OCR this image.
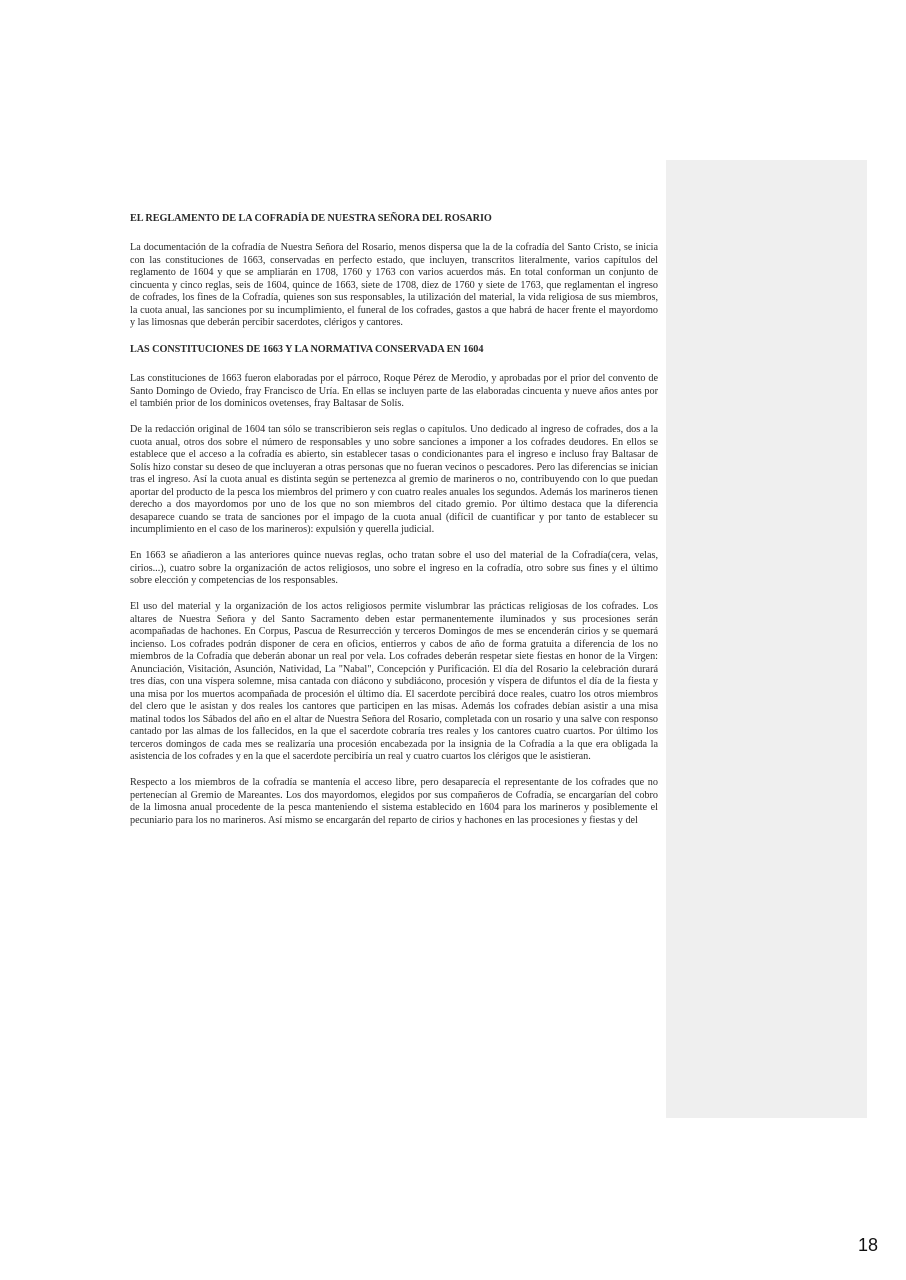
EL REGLAMENTO DE LA COFRADÍA DE NUESTRA SEÑORA DEL ROSARIO

La documentación de la cofradía de Nuestra Señora del Rosario, menos dispersa que la de la cofradía del Santo Cristo, se inicia con las constituciones de 1663, conservadas en perfecto estado, que incluyen, transcritos literalmente, varios capítulos del reglamento de 1604 y que se ampliarán en 1708, 1760 y 1763 con varios acuerdos más. En total conforman un conjunto de cincuenta y cinco reglas, seis de 1604, quince de 1663, siete de 1708, diez de 1760 y siete de 1763, que reglamentan el ingreso de cofrades, los fines de la Cofradía, quienes son sus responsables, la utilización del material, la vida religiosa de sus miembros, la cuota anual, las sanciones por su incumplimiento, el funeral de los cofrades, gastos a que habrá de hacer frente el mayordomo y las limosnas que deberán percibir sacerdotes, clérigos y cantores.

LAS CONSTITUCIONES DE 1663 Y LA NORMATIVA CONSERVADA EN 1604

Las constituciones de 1663 fueron elaboradas por el párroco, Roque Pérez de Merodio, y aprobadas por el prior del convento de Santo Domingo de Oviedo, fray Francisco de Uría. En ellas se incluyen parte de las elaboradas cincuenta y nueve años antes por el también prior de los dominicos ovetenses, fray Baltasar de Solís.

De la redacción original de 1604 tan sólo se transcribieron seis reglas o capítulos. Uno dedicado al ingreso de cofrades, dos a la cuota anual, otros dos sobre el número de responsables y uno sobre sanciones a imponer a los cofrades deudores. En ellos se establece que el acceso a la cofradía es abierto, sin establecer tasas o condicionantes para el ingreso e incluso fray Baltasar de Solís hizo constar su deseo de que incluyeran a otras personas que no fueran vecinos o pescadores. Pero las diferencias se inician tras el ingreso. Así la cuota anual es distinta según se pertenezca al gremio de marineros o no, contribuyendo con lo que puedan aportar del producto de la pesca los miembros del primero y con cuatro reales anuales los segundos. Además los marineros tienen derecho a dos mayordomos por uno de los que no son miembros del citado gremio. Por último destaca que la diferencia desaparece cuando se trata de sanciones por el impago de la cuota anual (difícil de cuantificar y por tanto de establecer su incumplimiento en el caso de los marineros): expulsión y querella judicial.

En 1663 se añadieron a las anteriores quince nuevas reglas, ocho tratan sobre el uso del material de la Cofradía(cera, velas, cirios...), cuatro sobre la organización de actos religiosos, uno sobre el ingreso en la cofradía, otro sobre sus fines y el último sobre elección y competencias de los responsables.

El uso del material y la organización de los actos religiosos permite vislumbrar las prácticas religiosas de los cofrades. Los altares de Nuestra Señora y del Santo Sacramento deben estar permanentemente iluminados y sus procesiones serán acompañadas de hachones. En Corpus, Pascua de Resurrección y terceros Domingos de mes se encenderán cirios y se quemará incienso. Los cofrades podrán disponer de cera en oficios, entierros y cabos de año de forma gratuita a diferencia de los no miembros de la Cofradía que deberán abonar un real por vela. Los cofrades deberán respetar siete fiestas en honor de la Virgen: Anunciación, Visitación, Asunción, Natividad, La "Nabal", Concepción y Purificación. El día del Rosario la celebración durará tres días, con una víspera solemne, misa cantada con diácono y subdiácono, procesión y víspera de difuntos el día de la fiesta y una misa por los muertos acompañada de procesión el último día. El sacerdote percibirá doce reales, cuatro los otros miembros del clero que le asistan y dos reales los cantores que participen en las misas. Además los cofrades debían asistir a una misa matinal todos los Sábados del año en el altar de Nuestra Señora del Rosario, completada con un rosario y una salve con responso cantado por las almas de los fallecidos, en la que el sacerdote cobraría tres reales y los cantores cuatro cuartos. Por último los terceros domingos de cada mes se realizaría una procesión encabezada por la insignia de la Cofradía a la que era obligada la asistencia de los cofrades y en la que el sacerdote percibiría un real y cuatro cuartos los clérigos que le asistieran.

Respecto a los miembros de la cofradía se mantenía el acceso libre, pero desaparecía el representante de los cofrades que no pertenecían al Gremio de Mareantes. Los dos mayordomos, elegidos por sus compañeros de Cofradía, se encargarían del cobro de la limosna anual procedente de la pesca manteniendo el sistema establecido en 1604 para los marineros y posiblemente el pecuniario para los no marineros. Así mismo se encargarán del reparto de cirios y hachones en las procesiones y fiestas y del

18
